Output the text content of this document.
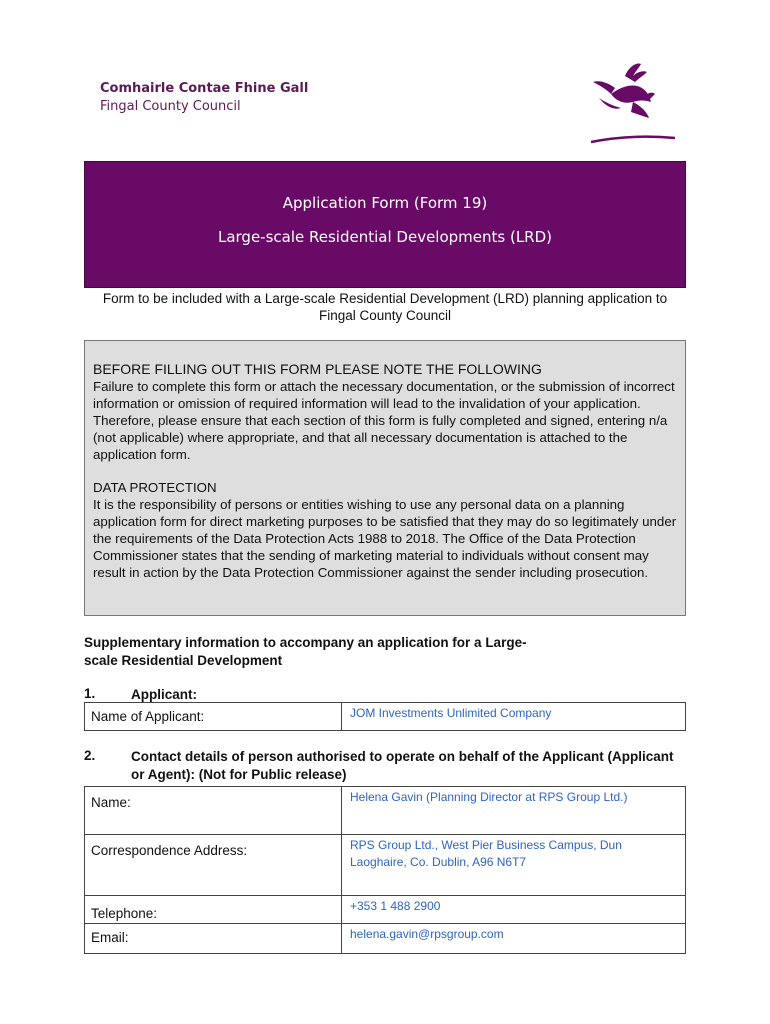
Comhairle Contae Fhine Gall
Fingal County Council
Application Form (Form 19)
Large-scale Residential Developments (LRD)
Form to be included with a Large-scale Residential Development (LRD) planning application to Fingal County Council

BEFORE FILLING OUT THIS FORM PLEASE NOTE THE FOLLOWING

Failure to complete this form or attach the necessary documentation, or the submission of incorrect information or omission of required information will lead to the invalidation of your application. Therefore, please ensure that each section of this form is fully completed and signed, entering n/a (not applicable) where appropriate, and that all necessary documentation is attached to the application form.

DATA PROTECTION

It is the responsibility of persons or entities wishing to use any personal data on a planning application form for direct marketing purposes to be satisfied that they may do so legitimately under the requirements of the Data Protection Acts 1988 to 2018. The Office of the Data Protection Commissioner states that the sending of marketing material to individuals without consent may result in action by the Data Protection Commissioner against the sender including prosecution.

Supplementary information to accompany an application for a Large-scale Residential Development
1.	Applicant:
Name of Applicant:	JOM Investments Unlimited Company
2.	Contact details of person authorised to operate on behalf of the Applicant (Applicant or Agent): (Not for Public release)
Name:	Helena Gavin (Planning Director at RPS Group Ltd.)
Correspondence Address:	RPS Group Ltd., West Pier Business Campus, Dun Laoghaire, Co. Dublin, A96 N6T7
Telephone:	+353 1 488 2900
Email:	helena.gavin@rpsgroup.com
